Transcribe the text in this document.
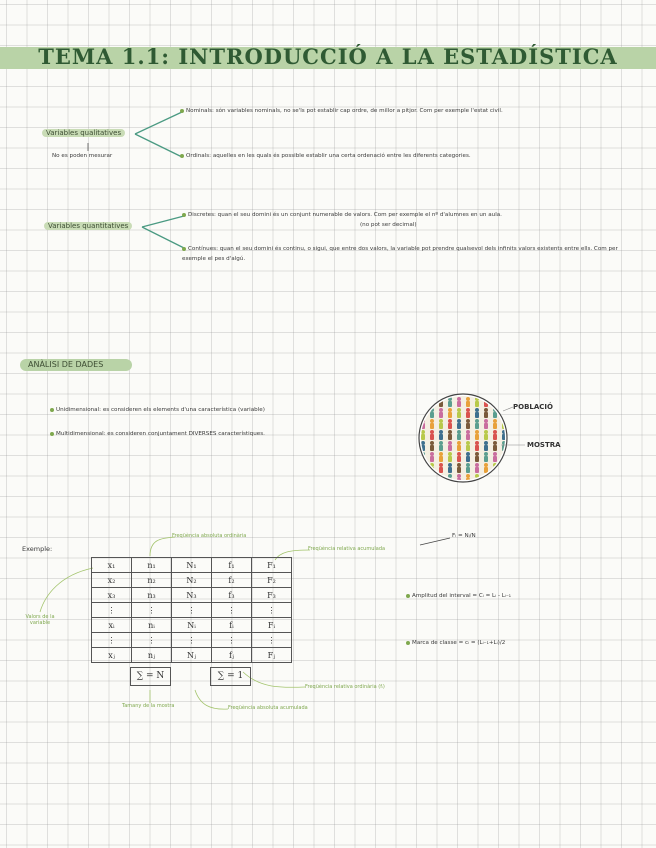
TEMA 1.1: INTRODUCCIÓ A LA ESTADÍSTICA
Variables qualitatives
No es poden mesurar
Nominals: són variables nominals, no se'ls pot establir cap ordre, de millor a pitjor. Com per exemple l'estat civil.
Ordinals: aquelles en les quals és possible establir una certa ordenació entre les diferents categories.
Variables quantitatives
Discretes: quan el seu domini és un conjunt numerable de valors. Com per exemple el nº d'alumnes en un aula.
(no pot ser decimal)
Contínues: quan el seu domini és continu, o sigui, que entre dos valors, la variable pot prendre qualsevol dels infinits valors existents entre ells. Com per exemple el pes d'algú.
ANÀLISI DE DADES
Unidimensional: es consideren els elements d'una característica (variable)
Multidimensional: es consideren conjuntament DIVERSES característiques.
POBLACIÓ
MOSTRA
Exemple:
x₁	n₁	N₁	f₁	F₁
x₂	n₂	N₂	f₂	F₂
x₃	n₃	N₃	f₃	F₃
⋮	⋮	⋮	⋮	⋮
xᵢ	nᵢ	Nᵢ	fᵢ	Fᵢ
⋮	⋮	⋮	⋮	⋮
xⱼ	nⱼ	Nⱼ	fⱼ	Fⱼ
∑ = N	∑ = 1
Freqüència absoluta ordinària
Freqüència relativa acumulada
Fᵢ = Nᵢ/N
Valors de la variable
Tamany de la mostra	Freqüència absoluta acumulada
Freqüència relativa ordinària (fᵢ)
Amplitud del interval = Cᵢ = Lᵢ - Lᵢ₋₁
Marca de classe = cᵢ = (Lᵢ₋₁+Lᵢ)/2
